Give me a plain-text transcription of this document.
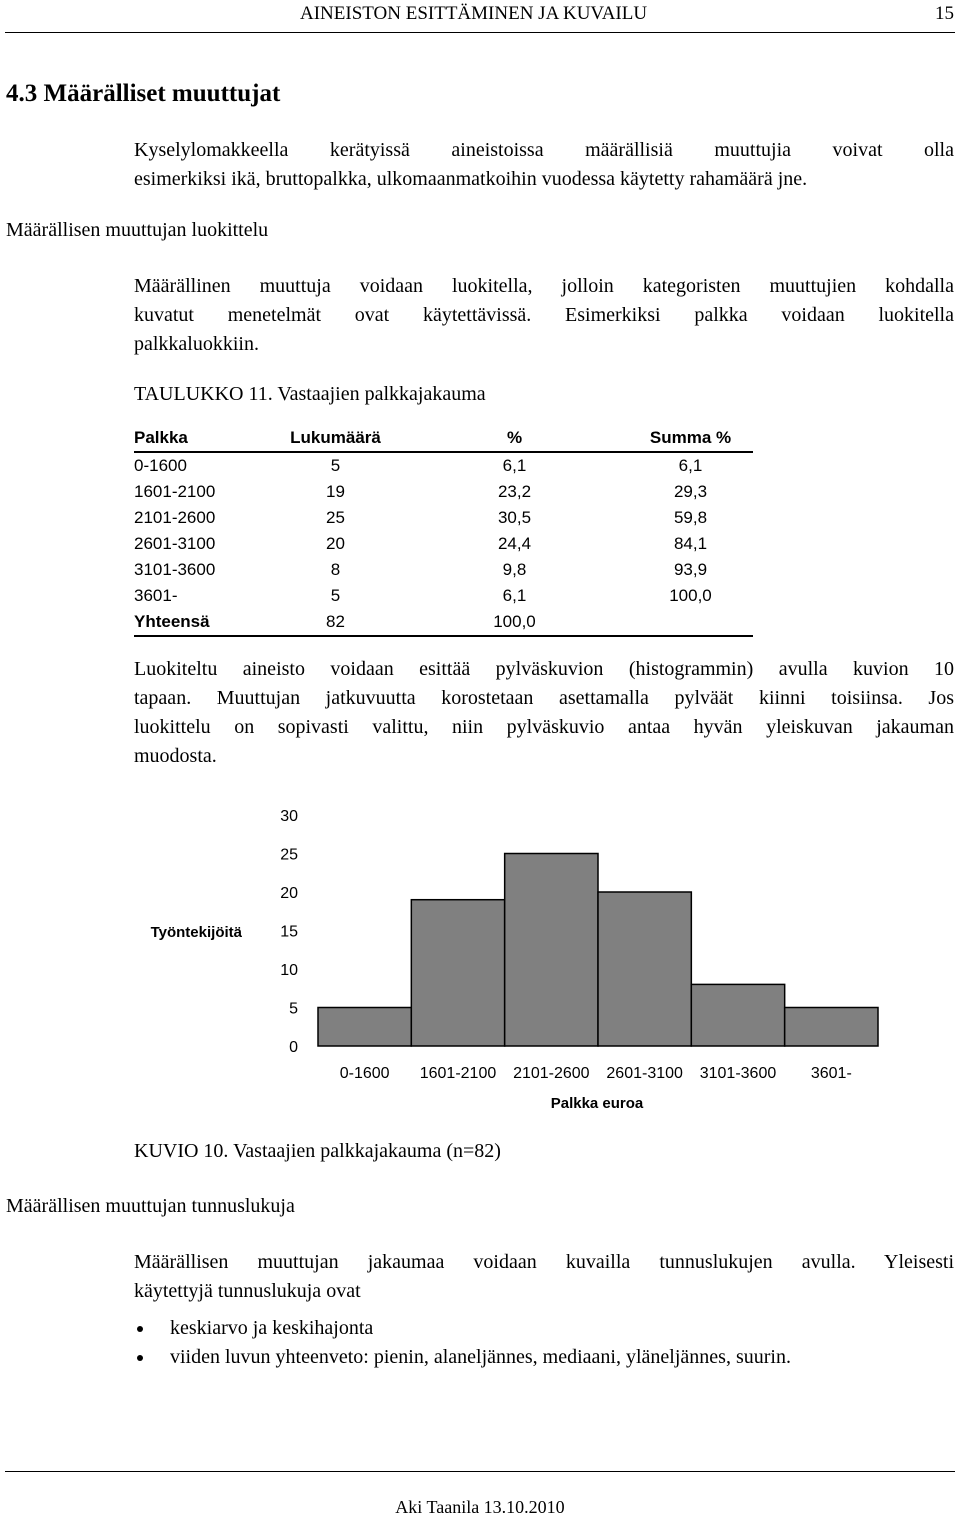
AINEISTON ESITTÄMINEN JA KUVAILU	15
4.3 Määrälliset muuttujat
Kyselylomakkeella kerätyissä aineistoissa määrällisiä muuttujia voivat olla
esimerkiksi ikä, bruttopalkka, ulkomaanmatkoihin vuodessa käytetty rahamäärä jne.
Määrällisen muuttujan luokittelu
Määrällinen muuttuja voidaan luokitella, jolloin kategoristen muuttujien kohdalla
kuvatut menetelmät ovat käytettävissä. Esimerkiksi palkka voidaan luokitella
palkkaluokkiin.
TAULUKKO 11. Vastaajien palkkajakauma
Palkka	Lukumäärä	%	Summa %
0-1600	5	6,1	6,1
1601-2100	19	23,2	29,3
2101-2600	25	30,5	59,8
2601-3100	20	24,4	84,1
3101-3600	8	9,8	93,9
3601-	5	6,1	100,0
Yhteensä	82	100,0	
Luokiteltu aineisto voidaan esittää pylväskuvion (histogrammin) avulla kuvion 10
tapaan. Muuttujan jatkuvuutta korostetaan asettamalla pylväät kiinni toisiinsa. Jos
luokittelu on sopivasti valittu, niin pylväskuvio antaa hyvän yleiskuvan jakauman
muodosta.
0
5
10
15
20
25
30
0-1600 1601-2100 2101-2600 2601-3100 3101-3600 3601-
Työntekijöitä
Palkka euroa
KUVIO 10. Vastaajien palkkajakauma (n=82)
Määrällisen muuttujan tunnuslukuja
Määrällisen muuttujan jakaumaa voidaan kuvailla tunnuslukujen avulla. Yleisesti
käytettyjä tunnuslukuja ovat
keskiarvo ja keskihajonta
viiden luvun yhteenveto: pienin, alaneljännes, mediaani, yläneljännes, suurin.
Aki Taanila 13.10.2010
